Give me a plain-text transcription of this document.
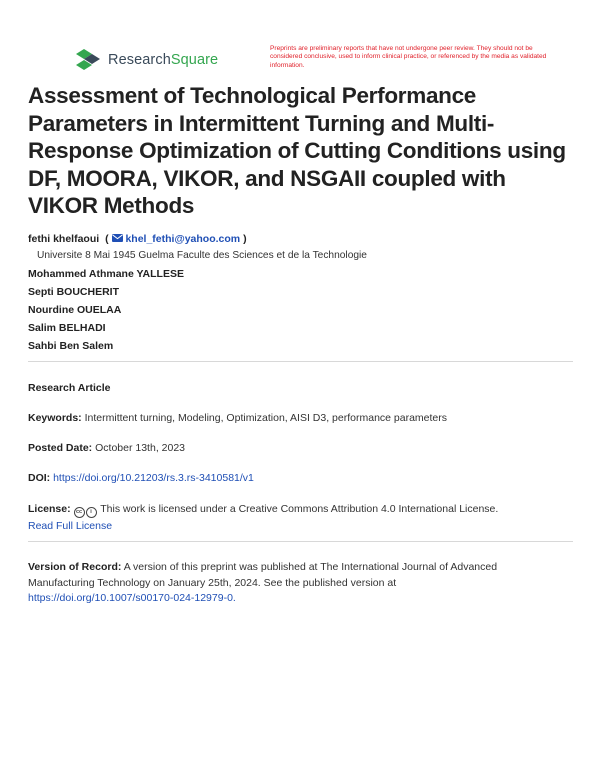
ResearchSquare
Preprints are preliminary reports that have not undergone peer review. They should not be considered conclusive, used to inform clinical practice, or referenced by the media as validated information.
Assessment of Technological Performance Parameters in Intermittent Turning and Multi-Response Optimization of Cutting Conditions using DF, MOORA, VIKOR, and NSGAII coupled with VIKOR Methods
fethi khelfaoui ( khel_fethi@yahoo.com )
Universite 8 Mai 1945 Guelma Faculte des Sciences et de la Technologie
Mohammed Athmane YALLESE
Septi BOUCHERIT
Nourdine OUELAA
Salim BELHADI
Sahbi Ben Salem
Research Article
Keywords: Intermittent turning, Modeling, Optimization, AISI D3, performance parameters
Posted Date: October 13th, 2023
DOI: https://doi.org/10.21203/rs.3.rs-3410581/v1
License: cc i This work is licensed under a Creative Commons Attribution 4.0 International License.
Read Full License
Version of Record: A version of this preprint was published at The International Journal of Advanced Manufacturing Technology on January 25th, 2024. See the published version at
https://doi.org/10.1007/s00170-024-12979-0.
